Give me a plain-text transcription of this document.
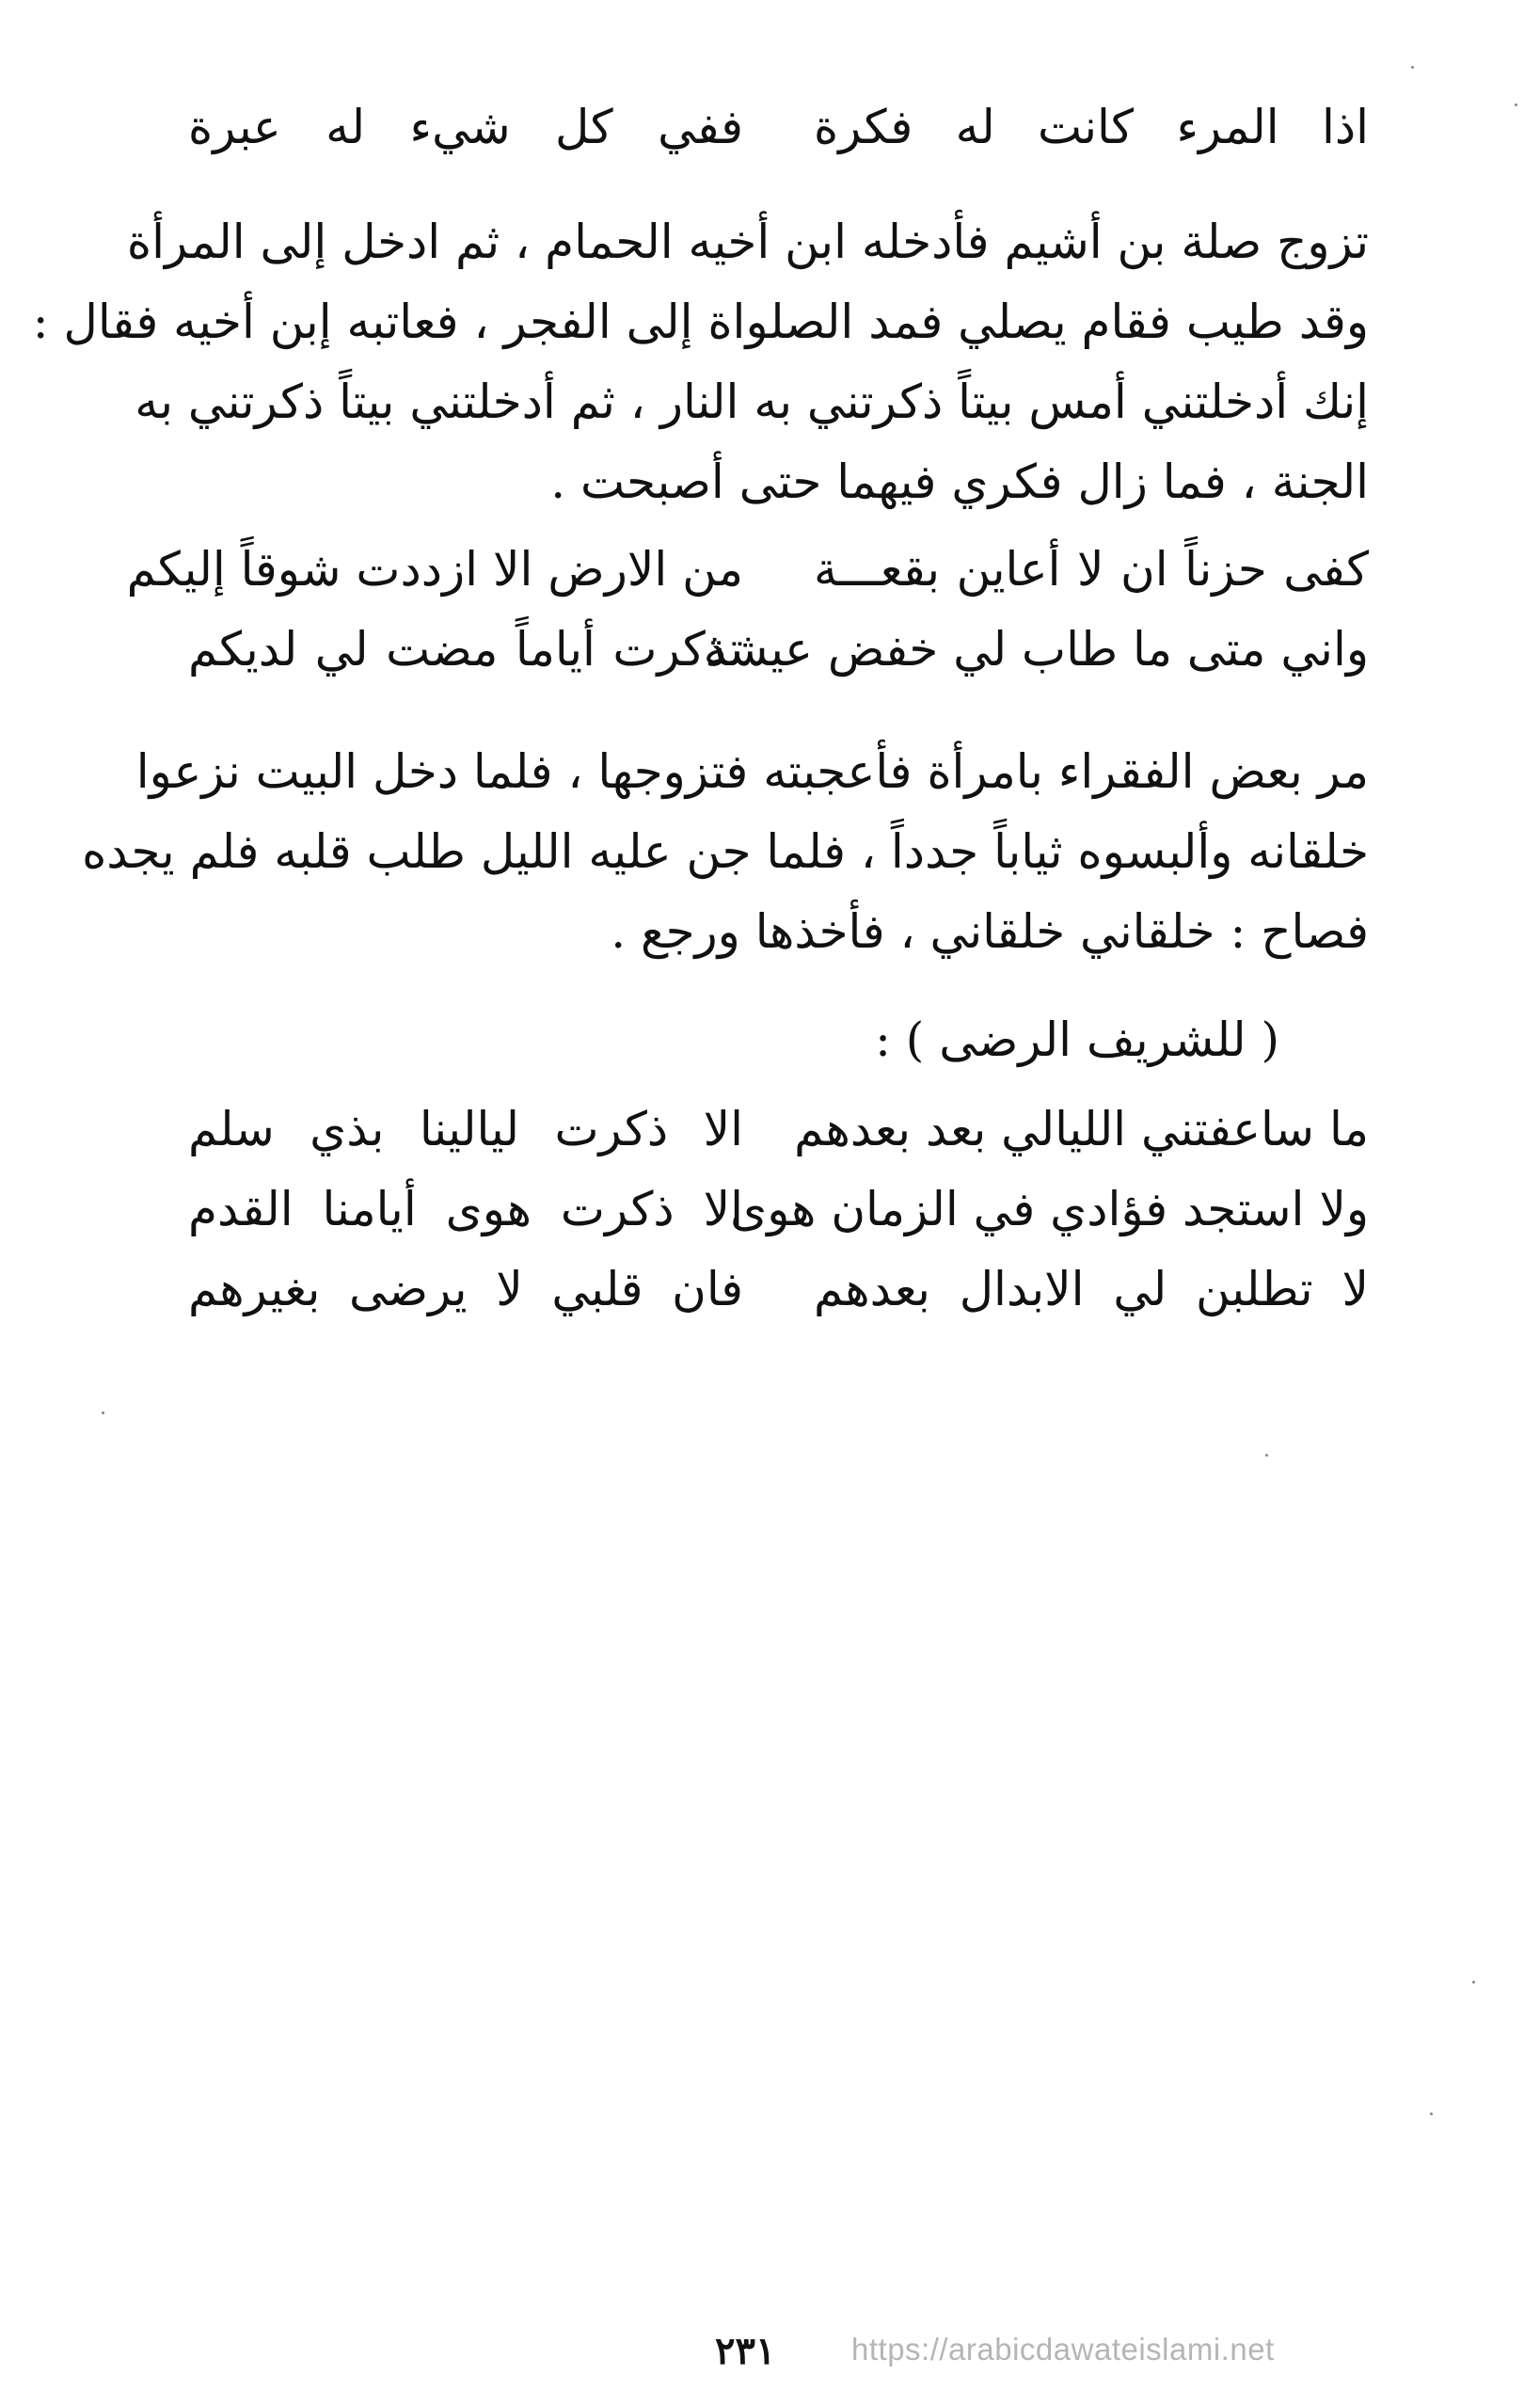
اذا المرء كانت له فكرة
ففي كل شيء له عبرة
تزوج صلة بن أشيم فأدخله ابن أخيه الحمام ، ثم ادخل إلى المرأة
وقد طيب فقام يصلي فمد الصلواة إلى الفجر ، فعاتبه إبن أخيه فقال :
إنك أدخلتني أمس بيتاً ذكرتني به النار ، ثم أدخلتني بيتاً ذكرتني به
الجنة ، فما زال فكري فيهما حتى أصبحت .
كفى حزناً ان لا أعاين بقعـــة
من الارض الا ازددت شوقاً إليكم
واني متى ما طاب لي خفض عيشة
تذكرت أياماً مضت لي لديكم
مر بعض الفقراء بامرأة فأعجبته فتزوجها ، فلما دخل البيت نزعوا
خلقانه وألبسوه ثياباً جدداً ، فلما جن عليه الليل طلب قلبه فلم يجده
فصاح : خلقاني خلقاني ، فأخذها ورجع .
( للشريف الرضى ) :
ما ساعفتني الليالي بعد بعدهم
الا ذكرت ليالينا بذي سلم
ولا استجد فؤادي في الزمان هوى
الا ذكرت هوى أيامنا القدم
لا تطلبن لي الابدال بعدهم
فان قلبي لا يرضى بغيرهم
٢٣١ https://arabicdawateislami.net
